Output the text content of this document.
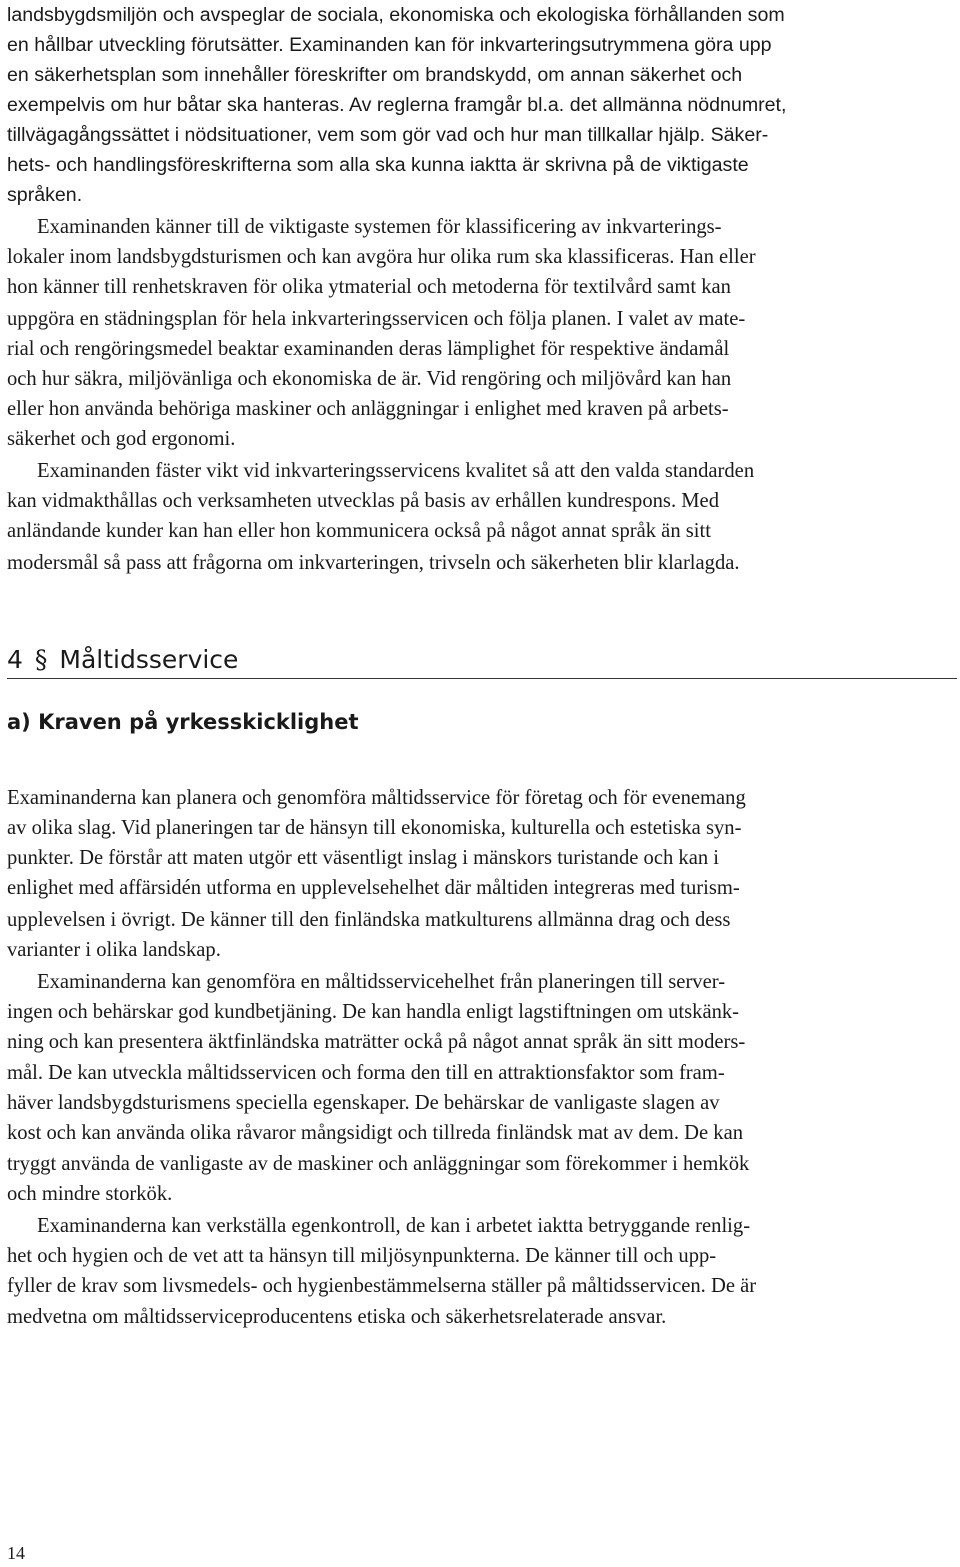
landsbygdsmiljön och avspeglar de sociala, ekonomiska och ekologiska förhållanden som
en hållbar utveckling förutsätter. Examinanden kan för inkvarteringsutrymmena göra upp
en säkerhetsplan som innehåller föreskrifter om brandskydd, om annan säkerhet och
exempelvis om hur båtar ska hanteras. Av reglerna framgår bl.a. det allmänna nödnumret,
tillvägagångssättet i nödsituationer, vem som gör vad och hur man tillkallar hjälp. Säker-
hets- och handlingsföreskrifterna som alla ska kunna iaktta är skrivna på de viktigaste
språken.
Examinanden känner till de viktigaste systemen för klassificering av inkvarterings-
lokaler inom landsbygdsturismen och kan avgöra hur olika rum ska klassificeras. Han eller
hon känner till renhetskraven för olika ytmaterial och metoderna för textilvård samt kan
uppgöra en städningsplan för hela inkvarteringsservicen och följa planen. I valet av mate-
rial och rengöringsmedel beaktar examinanden deras lämplighet för respektive ändamål
och hur säkra, miljövänliga och ekonomiska de är. Vid rengöring och miljövård kan han
eller hon använda behöriga maskiner och anläggningar i enlighet med kraven på arbets-
säkerhet och god ergonomi.
Examinanden fäster vikt vid inkvarteringsservicens kvalitet så att den valda standarden
kan vidmakthållas och verksamheten utvecklas på basis av erhållen kundrespons. Med
anländande kunder kan han eller hon kommunicera också på något annat språk än sitt
modersmål så pass att frågorna om inkvarteringen, trivseln och säkerheten blir klarlagda.
4 § Måltidsservice
a) Kraven på yrkesskicklighet
Examinanderna kan planera och genomföra måltidsservice för företag och för evenemang
av olika slag. Vid planeringen tar de hänsyn till ekonomiska, kulturella och estetiska syn-
punkter. De förstår att maten utgör ett väsentligt inslag i mänskors turistande och kan i
enlighet med affärsidén utforma en upplevelsehelhet där måltiden integreras med turism-
upplevelsen i övrigt. De känner till den finländska matkulturens allmänna drag och dess
varianter i olika landskap.
Examinanderna kan genomföra en måltidsservicehelhet från planeringen till server-
ingen och behärskar god kundbetjäning. De kan handla enligt lagstiftningen om utskänk-
ning och kan presentera äktfinländska maträtter ockå på något annat språk än sitt moders-
mål. De kan utveckla måltidsservicen och forma den till en attraktionsfaktor som fram-
häver landsbygdsturismens speciella egenskaper. De behärskar de vanligaste slagen av
kost och kan använda olika råvaror mångsidigt och tillreda finländsk mat av dem. De kan
tryggt använda de vanligaste av de maskiner och anläggningar som förekommer i hemkök
och mindre storkök.
Examinanderna kan verkställa egenkontroll, de kan i arbetet iaktta betryggande renlig-
het och hygien och de vet att ta hänsyn till miljösynpunkterna. De känner till och upp-
fyller de krav som livsmedels- och hygienbestämmelserna ställer på måltidsservicen. De är
medvetna om måltidsserviceproducentens etiska och säkerhetsrelaterade ansvar.
14
